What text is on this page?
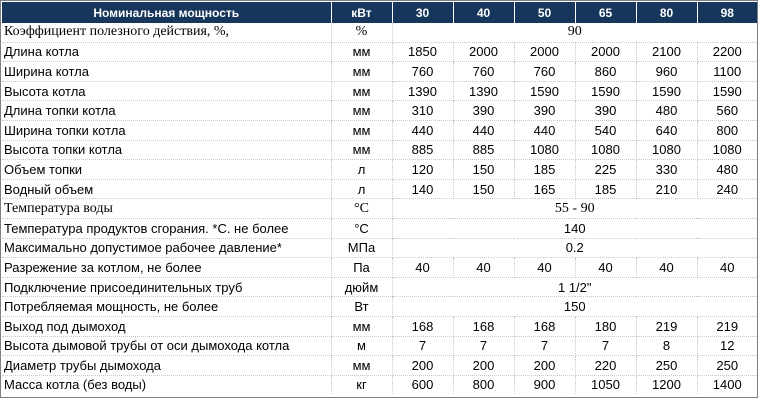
Номинальная мощность	кВт	30	40	50	65	80	98
Коэффициент полезного действия, %,	%	90					
Длина котла	мм	1850	2000	2000	2000	2100	2200
Ширина котла	мм	760	760	760	860	960	1100
Высота котла	мм	1390	1390	1590	1590	1590	1590
Длина топки котла	мм	310	390	390	390	480	560
Ширина топки котла	мм	440	440	440	540	640	800
Высота топки котла	мм	885	885	1080	1080	1080	1080
Объем топки	л	120	150	185	225	330	480
Водный объем	л	140	150	165	185	210	240
Температура воды	°С	55 - 90					
Температура продуктов сгорания. *С. не более	°С	140					
Максимально допустимое рабочее давление*	МПа	0.2					
Разрежение за котлом, не более	Па	40	40	40	40	40	40
Подключение присоединительных труб	дюйм	1 1/2"					
Потребляемая мощность, не более	Вт	150					
Выход под дымоход	мм	168	168	168	180	219	219
Высота дымовой трубы от оси дымохода котла	м	7	7	7	7	8	12
Диаметр трубы дымохода	мм	200	200	200	220	250	250
Масса котла (без воды)	кг	600	800	900	1050	1200	1400
